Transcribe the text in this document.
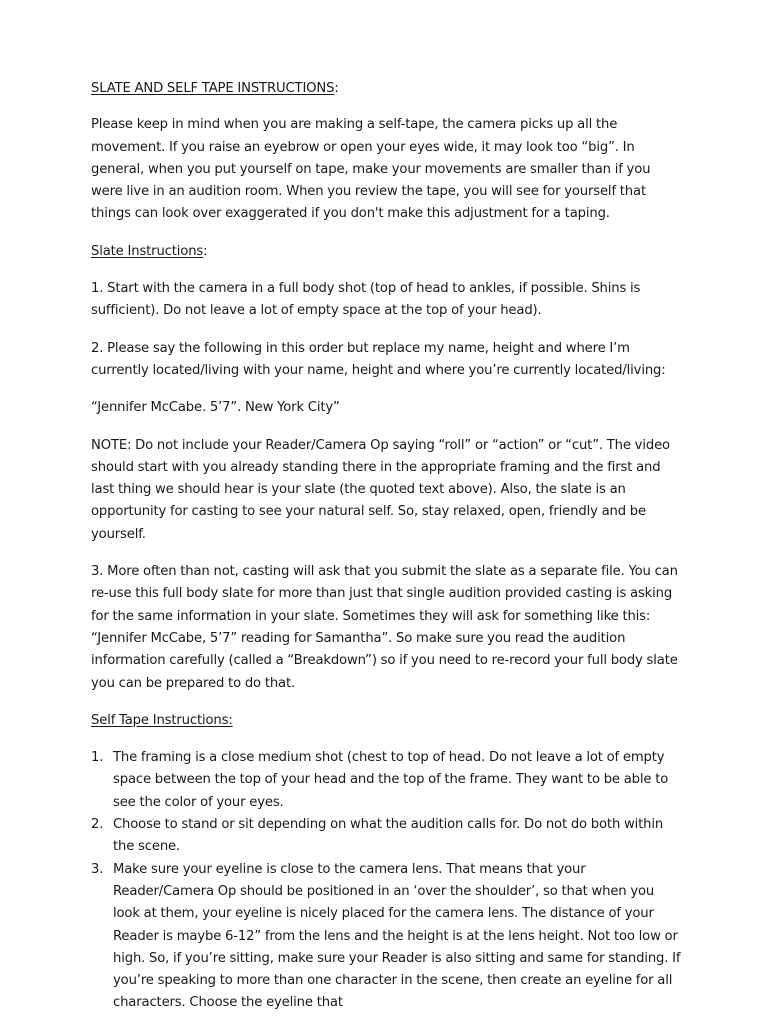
SLATE AND SELF TAPE INSTRUCTIONS:

Please keep in mind when you are making a self-tape, the camera picks up all the movement. If you raise an eyebrow or open your eyes wide, it may look too “big”. In general, when you put yourself on tape, make your movements are smaller than if you were live in an audition room. When you review the tape, you will see for yourself that things can look over exaggerated if you don't make this adjustment for a taping.

Slate Instructions:

1. Start with the camera in a full body shot (top of head to ankles, if possible. Shins is sufficient). Do not leave a lot of empty space at the top of your head).

2. Please say the following in this order but replace my name, height and where I’m currently located/living with your name, height and where you’re currently located/living:

“Jennifer McCabe. 5’7”. New York City”

NOTE: Do not include your Reader/Camera Op saying “roll” or “action” or “cut”. The video should start with you already standing there in the appropriate framing and the first and last thing we should hear is your slate (the quoted text above). Also, the slate is an opportunity for casting to see your natural self. So, stay relaxed, open, friendly and be yourself.

3. More often than not, casting will ask that you submit the slate as a separate file. You can re-use this full body slate for more than just that single audition provided casting is asking for the same information in your slate. Sometimes they will ask for something like this: “Jennifer McCabe, 5’7” reading for Samantha”. So make sure you read the audition information carefully (called a “Breakdown”) so if you need to re-record your full body slate you can be prepared to do that.

Self Tape Instructions:

1. The framing is a close medium shot (chest to top of head. Do not leave a lot of empty space between the top of your head and the top of the frame. They want to be able to see the color of your eyes.
2. Choose to stand or sit depending on what the audition calls for. Do not do both within the scene.
3. Make sure your eyeline is close to the camera lens. That means that your Reader/Camera Op should be positioned in an ‘over the shoulder’, so that when you look at them, your eyeline is nicely placed for the camera lens. The distance of your Reader is maybe 6-12” from the lens and the height is at the lens height. Not too low or high. So, if you’re sitting, make sure your Reader is also sitting and same for standing. If you’re speaking to more than one character in the scene, then create an eyeline for all characters. Choose the eyeline that
